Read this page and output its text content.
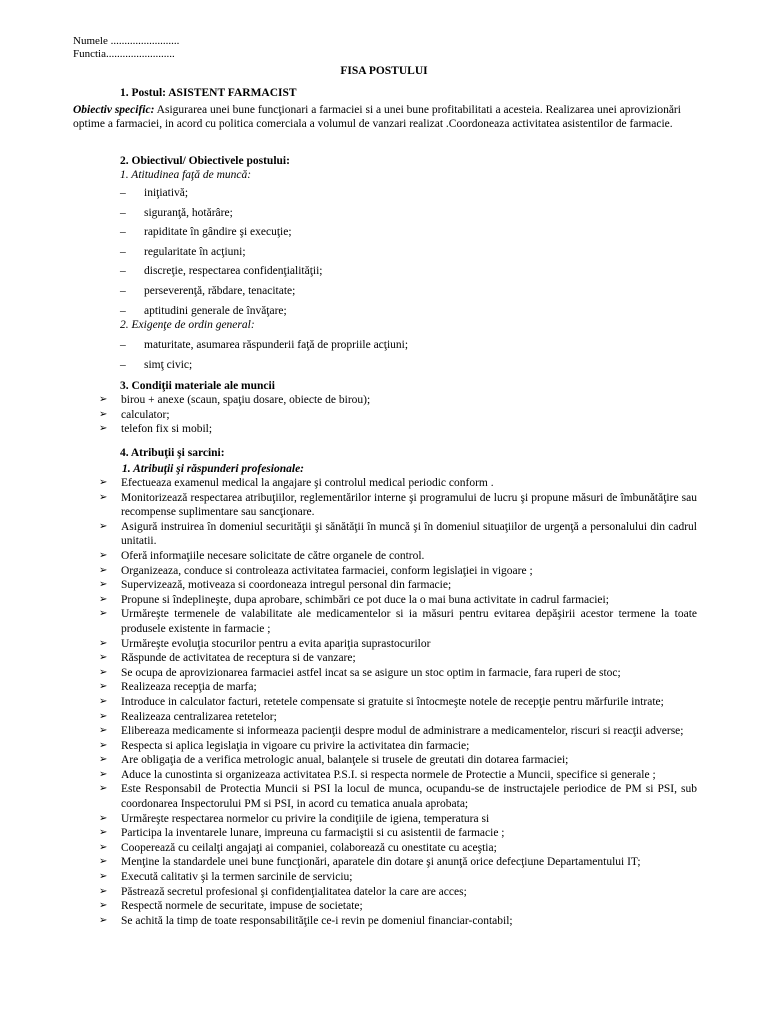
Numele .........................
Functia.........................
FISA POSTULUI
1. Postul: ASISTENT FARMACIST
Obiectiv specific: Asigurarea unei bune funcţionari a farmaciei si a unei bune profitabilitati a acesteia. Realizarea unei aprovizionări optime a farmaciei, in acord cu politica comerciala a volumul de vanzari realizat .Coordoneaza activitatea asistentilor de farmacie.
2. Obiectivul/ Obiectivele postului:
1. Atitudinea faţă de muncă:
– iniţiativă;
– siguranţă, hotărâre;
– rapiditate în gândire şi execuţie;
– regularitate în acţiuni;
– discreţie, respectarea confidenţialităţii;
– perseverenţă, răbdare, tenacitate;
– aptitudini generale de învăţare;
2. Exigenţe de ordin general:
– maturitate, asumarea răspunderii faţă de propriile acţiuni;
– simţ civic;
3. Condiţii materiale ale muncii
➢ birou + anexe (scaun, spaţiu dosare, obiecte de birou);
➢ calculator;
➢ telefon fix si mobil;
4. Atribuţii şi sarcini:
1. Atribuţii şi răspunderi profesionale:
➢ Efectueaza examenul medical la angajare şi controlul medical periodic conform .
➢ Monitorizează respectarea atribuţiilor, reglementărilor interne şi programului de lucru şi propune măsuri de îmbunătăţire sau recompense suplimentare sau sancţionare.
➢ Asigură instruirea în domeniul securităţii şi sănătăţii în muncă şi în domeniul situaţiilor de urgenţă a personalului din cadrul unitatii.
➢ Oferă informaţiile necesare solicitate de către organele de control.
➢ Organizeaza, conduce si controleaza activitatea farmaciei, conform legislaţiei in vigoare ;
➢ Supervizează, motiveaza si coordoneaza intregul personal din farmacie;
➢ Propune si îndeplineşte, dupa aprobare, schimbări ce pot duce la o mai buna activitate in cadrul farmaciei;
➢ Urmăreşte termenele de valabilitate ale medicamentelor si ia măsuri pentru evitarea depăşirii acestor termene la toate produsele existente in farmacie ;
➢ Urmăreşte evoluţia stocurilor pentru a evita apariţia suprastocurilor
➢ Răspunde de activitatea de receptura si de vanzare;
➢ Se ocupa de aprovizionarea farmaciei astfel incat sa se asigure un stoc optim in farmacie, fara ruperi de stoc;
➢ Realizeaza recepţia de marfa;
➢ Introduce in calculator facturi, retetele compensate si gratuite si întocmeşte notele de recepţie pentru mărfurile intrate;
➢ Realizeaza centralizarea retetelor;
➢ Elibereaza medicamente si informeaza pacienţii despre modul de administrare a medicamentelor, riscuri si reacţii adverse;
➢ Respecta si aplica legislaţia in vigoare cu privire la activitatea din farmacie;
➢ Are obligaţia de a verifica metrologic anual, balanţele si trusele de greutati din dotarea farmaciei;
➢ Aduce la cunostinta si organizeaza activitatea P.S.I. si respecta normele de Protectie a Muncii, specifice si generale ;
➢ Este Responsabil de Protectia Muncii si PSI la locul de munca, ocupandu-se de instructajele periodice de PM si PSI, sub coordonarea Inspectorului PM si PSI, in acord cu tematica anuala aprobata;
➢ Urmăreşte respectarea normelor cu privire la condiţiile de igiena, temperatura si
➢ Participa la inventarele lunare, impreuna cu farmaciştii si cu asistentii de farmacie ;
➢ Cooperează cu ceilalţi angajaţi ai companiei, colaborează cu onestitate cu aceştia;
➢ Menţine la standardele unei bune funcţionări, aparatele din dotare şi anunţă orice defecţiune Departamentului IT;
➢ Execută calitativ şi la termen sarcinile de serviciu;
➢ Păstrează secretul profesional şi confidenţialitatea datelor la care are acces;
➢ Respectă normele de securitate, impuse de societate;
➢ Se achită la timp de toate responsabilităţile ce-i revin pe domeniul financiar-contabil;
